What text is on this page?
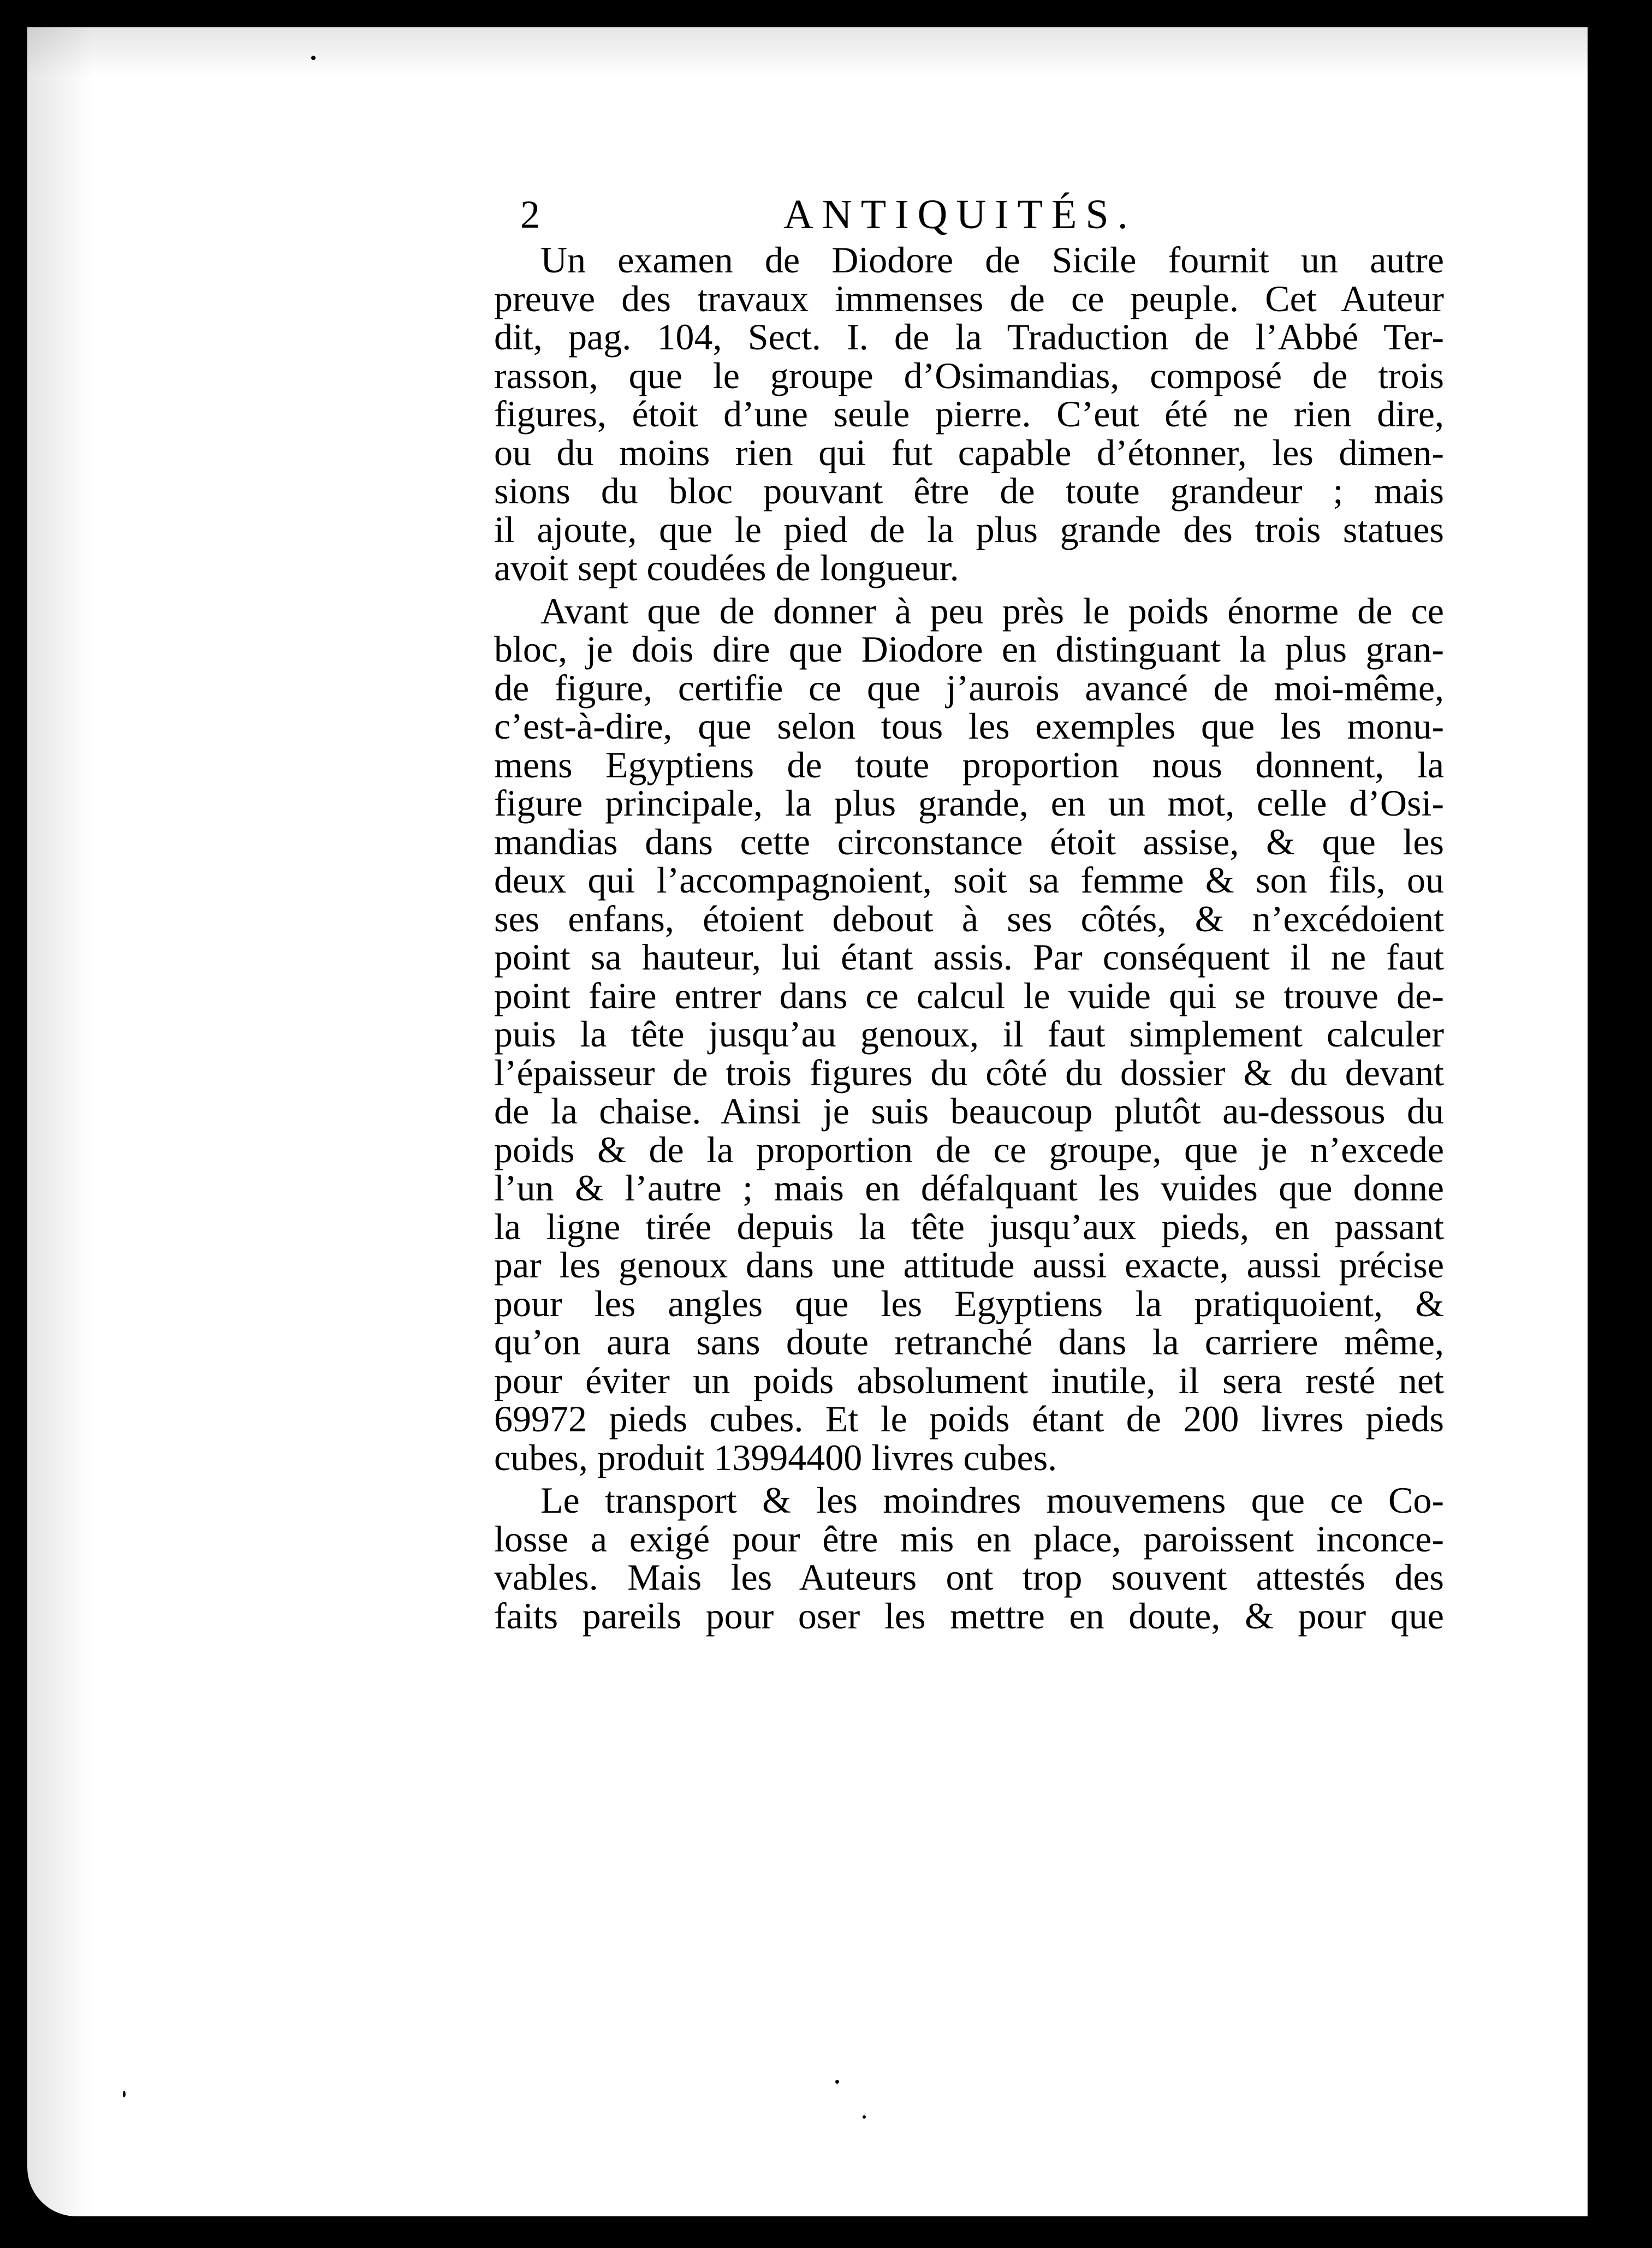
2	ANTIQUITÉS.
Un examen de Diodore de Sicile fournit un autre
preuve des travaux immenses de ce peuple. Cet Auteur
dit, pag. 104, Sect. I. de la Traduction de l’Abbé Ter-
rasson, que le groupe d’Osimandias, composé de trois
figures, étoit d’une seule pierre. C’eut été ne rien dire,
ou du moins rien qui fut capable d’étonner, les dimen-
sions du bloc pouvant être de toute grandeur ; mais
il ajoute, que le pied de la plus grande des trois statues
avoit sept coudées de longueur.
Avant que de donner à peu près le poids énorme de ce
bloc, je dois dire que Diodore en distinguant la plus gran-
de figure, certifie ce que j’aurois avancé de moi-même,
c’est-à-dire, que selon tous les exemples que les monu-
mens Egyptiens de toute proportion nous donnent, la
figure principale, la plus grande, en un mot, celle d’Osi-
mandias dans cette circonstance étoit assise, & que les
deux qui l’accompagnoient, soit sa femme & son fils, ou
ses enfans, étoient debout à ses côtés, & n’excédoient
point sa hauteur, lui étant assis. Par conséquent il ne faut
point faire entrer dans ce calcul le vuide qui se trouve de-
puis la tête jusqu’au genoux, il faut simplement calculer
l’épaisseur de trois figures du côté du dossier & du devant
de la chaise. Ainsi je suis beaucoup plutôt au-dessous du
poids & de la proportion de ce groupe, que je n’excede
l’un & l’autre ; mais en défalquant les vuides que donne
la ligne tirée depuis la tête jusqu’aux pieds, en passant
par les genoux dans une attitude aussi exacte, aussi précise
pour les angles que les Egyptiens la pratiquoient, &
qu’on aura sans doute retranché dans la carriere même,
pour éviter un poids absolument inutile, il sera resté net
69972 pieds cubes. Et le poids étant de 200 livres pieds
cubes, produit 13994400 livres cubes.
Le transport & les moindres mouvemens que ce Co-
losse a exigé pour être mis en place, paroissent inconce-
vables. Mais les Auteurs ont trop souvent attestés des
faits pareils pour oser les mettre en doute, & pour que
